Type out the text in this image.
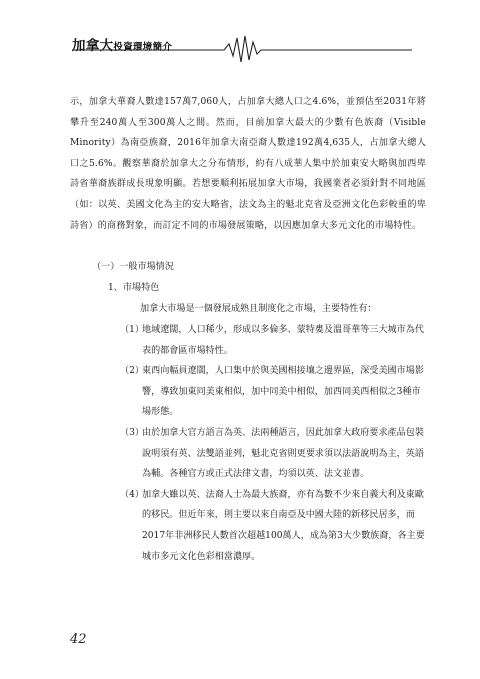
加拿大投資環境簡介

示，加拿大華裔人數達157萬7,060人，占加拿大總人口之4.6%，並預估至2031年將攀升至240萬人至300萬人之間。然而，目前加拿大最大的少數有色族裔（Visible Minority）為南亞族裔，2016年加拿大南亞裔人數達192萬4,635人，占加拿大總人口之5.6%。觀察華裔於加拿大之分布情形，約有八成華人集中於加東安大略與加西卑詩省華裔族群成長現象明顯。若想要順利拓展加拿大市場，我國業者必須針對不同地區（如：以英、美國文化為主的安大略省，法文為主的魁北克省及亞洲文化色彩較重的卑詩省）的商務對象，而訂定不同的市場發展策略，以因應加拿大多元文化的市場特性。

（一）一般市場情況
1、市場特色
加拿大市場是一個發展成熟且制度化之市場，主要特性有：
（1）
地域遼闊，人口稀少，形成以多倫多、蒙特婁及溫哥華等三大城市為代表的都會區市場特性。
（2）
東西向幅員遼闊，人口集中於與美國相接壤之邊界區，深受美國市場影響，導致加東同美東相似，加中同美中相似，加西同美西相似之3種市場形態。
（3）
由於加拿大官方語言為英、法兩種語言，因此加拿大政府要求產品包裝說明須有英、法雙語並列，魁北克省則更要求須以法語說明為主，英語為輔。各種官方或正式法律文書，均須以英、法文並書。
（4）
加拿大雖以英、法裔人士為最大族裔，亦有為數不少來自義大利及東歐的移民。但近年來，則主要以來自南亞及中國大陸的新移民居多，而2017年非洲移民人數首次超越100萬人，成為第3大少數族裔，各主要城市多元文化色彩相當濃厚。
42
